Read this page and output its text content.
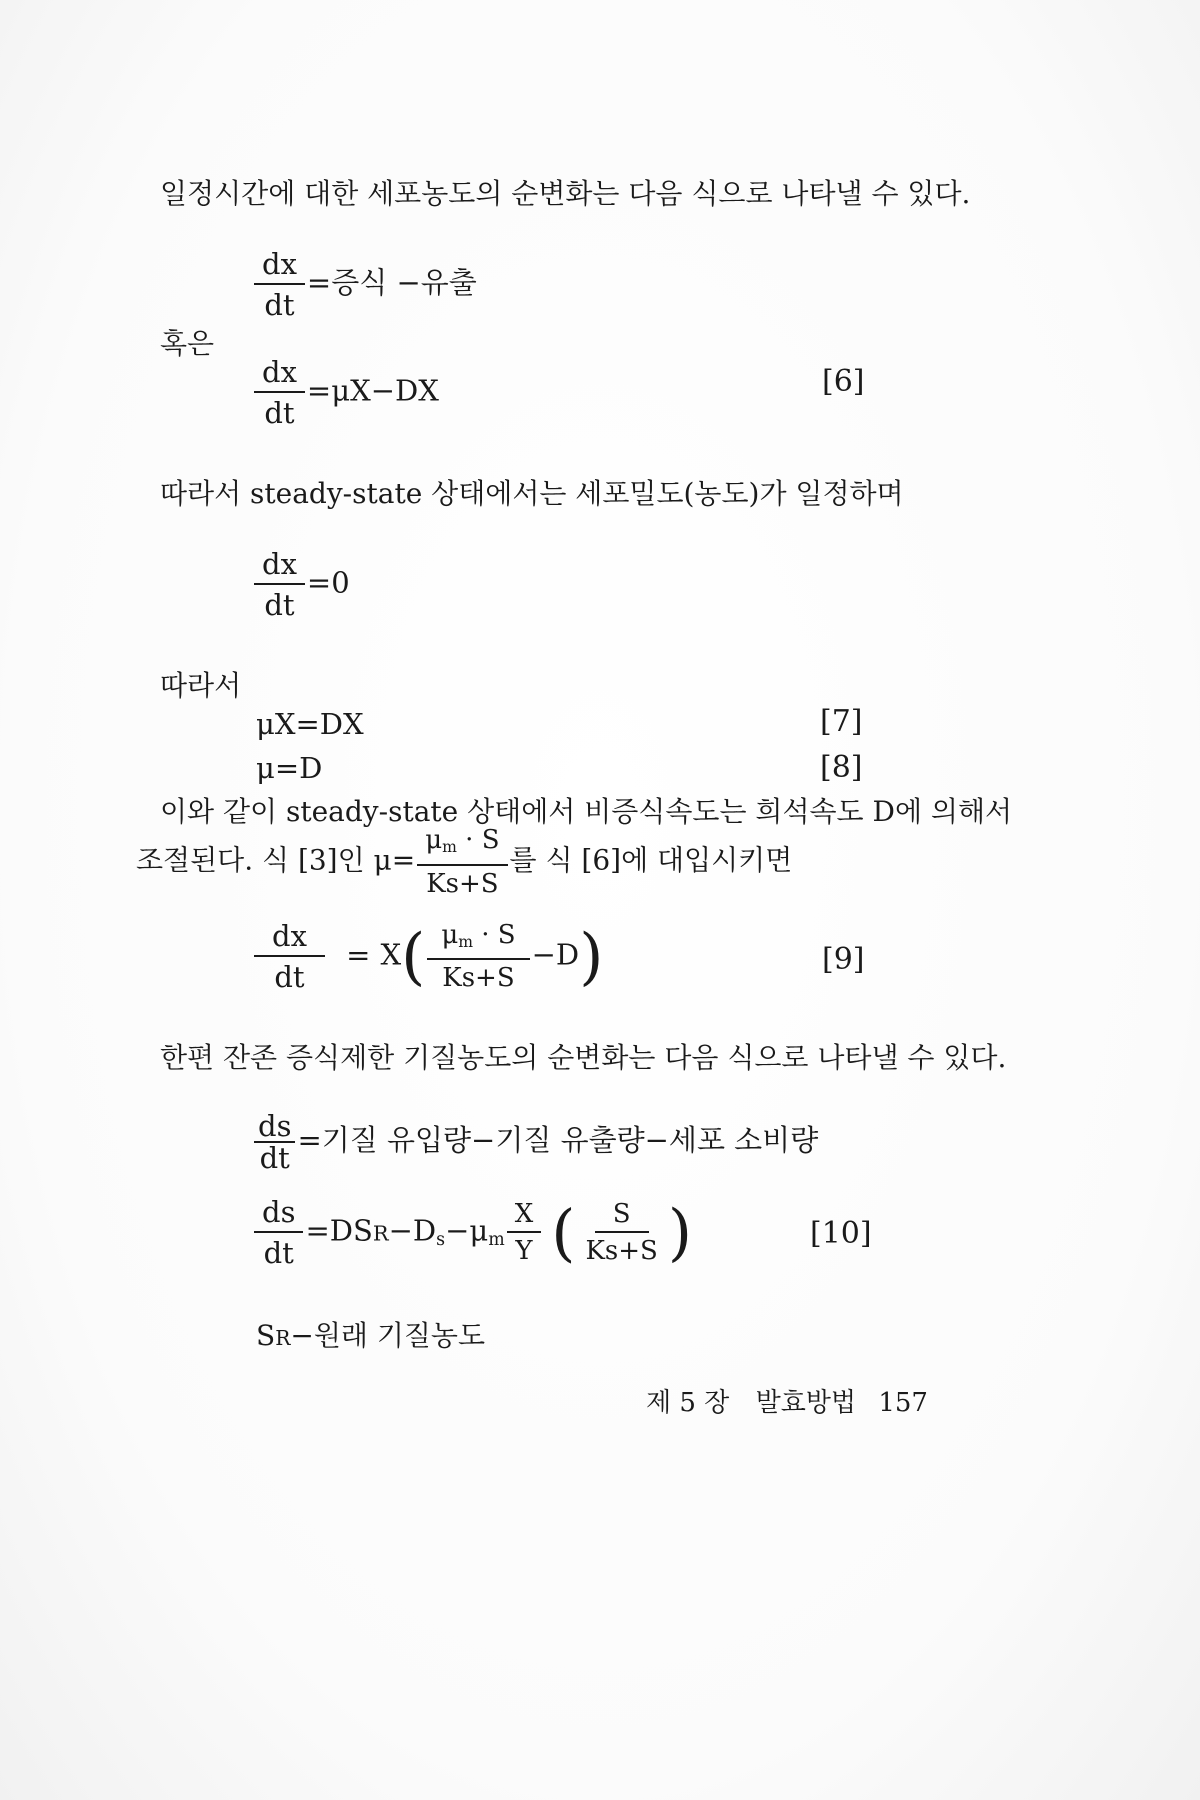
일정시간에 대한 세포농도의 순변화는 다음 식으로 나타낼 수 있다.
$\frac{dx}{dt}$ =증식 −유출
혹은
$\frac{dx}{dt} =\mu X-DX$	[6]
따라서 steady-state 상태에서는 세포밀도(농도)가 일정하며
$\frac{dx}{dt} =0$
따라서
μX=DX	[7]
μ=D	[8]
이와 같이 steady-state 상태에서 비증식속도는 희석속도 D에 의해서
조절된다. 식 [3]인 $\mu= \frac{\mu_m \cdot S}{Ks+S}$ 를 식 [6]에 대입시키면
$\frac{dx}{dt} = X( \frac{\mu_m \cdot S}{Ks+S} -D)$	[9]
한편 잔존 증식제한 기질농도의 순변화는 다음 식으로 나타낼 수 있다.
$\frac{ds}{dt}$ =기질 유입량−기질 유출량−세포 소비량
$\frac{ds}{dt} =DSR-D_s-\mu_m \frac{X}{Y}$ ( $\frac{S}{Ks+S}$ )	[10]
SR−원래 기질농도
제 5 장 발효방법 157
